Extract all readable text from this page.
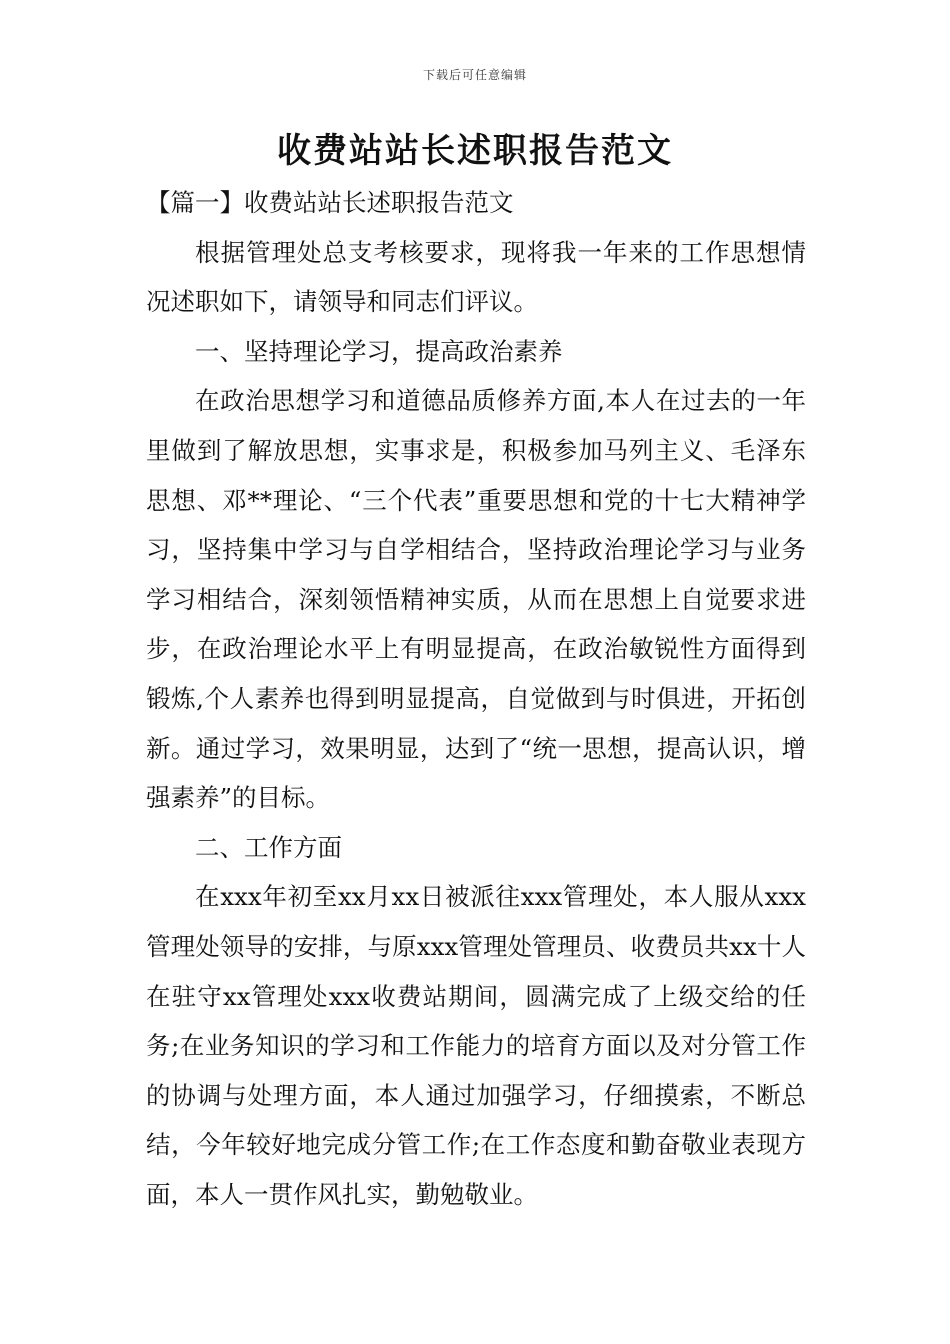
下载后可任意编辑
收费站站长述职报告范文

【篇一】收费站站长述职报告范文

根据管理处总支考核要求，现将我一年来的工作思想情况述职如下，请领导和同志们评议。

一、坚持理论学习，提高政治素养

在政治思想学习和道德品质修养方面,本人在过去的一年里做到了解放思想，实事求是，积极参加马列主义、毛泽东思想、邓**理论、“三个代表”重要思想和党的十七大精神学习，坚持集中学习与自学相结合，坚持政治理论学习与业务学习相结合，深刻领悟精神实质，从而在思想上自觉要求进步，在政治理论水平上有明显提高，在政治敏锐性方面得到锻炼,个人素养也得到明显提高，自觉做到与时俱进，开拓创新。通过学习，效果明显，达到了“统一思想，提高认识，增强素养”的目标。

二、工作方面

在xxx年初至xx月xx日被派往xxx管理处，本人服从xxx管理处领导的安排，与原xxx管理处管理员、收费员共xx十人在驻守xx管理处xxx收费站期间，圆满完成了上级交给的任务;在业务知识的学习和工作能力的培育方面以及对分管工作的协调与处理方面，本人通过加强学习，仔细摸索，不断总结，今年较好地完成分管工作;在工作态度和勤奋敬业表现方面，本人一贯作风扎实，勤勉敬业。
